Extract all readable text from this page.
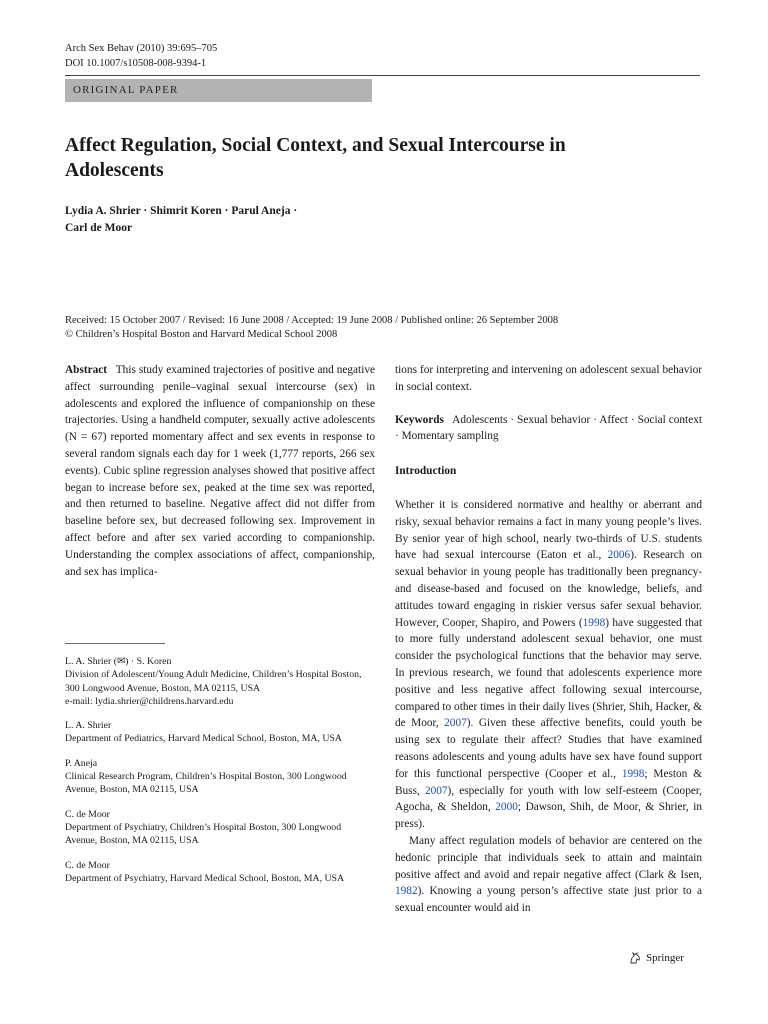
Arch Sex Behav (2010) 39:695–705
DOI 10.1007/s10508-008-9394-1
ORIGINAL PAPER
Affect Regulation, Social Context, and Sexual Intercourse in Adolescents
Lydia A. Shrier · Shimrit Koren · Parul Aneja ·
Carl de Moor
Received: 15 October 2007 / Revised: 16 June 2008 / Accepted: 19 June 2008 / Published online: 26 September 2008
© Children’s Hospital Boston and Harvard Medical School 2008

Abstract This study examined trajectories of positive and negative affect surrounding penile–vaginal sexual intercourse (sex) in adolescents and explored the influence of companionship on these trajectories. Using a handheld computer, sexually active adolescents (N = 67) reported momentary affect and sex events in response to several random signals each day for 1 week (1,777 reports, 266 sex events). Cubic spline regression analyses showed that positive affect began to increase before sex, peaked at the time sex was reported, and then returned to baseline. Negative affect did not differ from baseline before sex, but decreased following sex. Improvement in affect before and after sex varied according to companionship. Understanding the complex associations of affect, companionship, and sex has implica-

L. A. Shrier (✉) · S. Koren
Division of Adolescent/Young Adult Medicine, Children’s Hospital Boston, 300 Longwood Avenue, Boston, MA 02115, USA
e-mail: lydia.shrier@childrens.harvard.edu
L. A. Shrier
Department of Pediatrics, Harvard Medical School, Boston, MA, USA
P. Aneja
Clinical Research Program, Children’s Hospital Boston, 300 Longwood Avenue, Boston, MA 02115, USA
C. de Moor
Department of Psychiatry, Children’s Hospital Boston, 300 Longwood Avenue, Boston, MA 02115, USA
C. de Moor
Department of Psychiatry, Harvard Medical School, Boston, MA, USA

tions for interpreting and intervening on adolescent sexual behavior in social context.

Keywords Adolescents · Sexual behavior · Affect · Social context · Momentary sampling

Introduction

Whether it is considered normative and healthy or aberrant and risky, sexual behavior remains a fact in many young people’s lives. By senior year of high school, nearly two-thirds of U.S. students have had sexual intercourse (Eaton et al., 2006). Research on sexual behavior in young people has traditionally been pregnancy- and disease-based and focused on the knowledge, beliefs, and attitudes toward engaging in riskier versus safer sexual behavior. However, Cooper, Shapiro, and Powers (1998) have suggested that to more fully understand adolescent sexual behavior, one must consider the psychological functions that the behavior may serve. In previous research, we found that adolescents experience more positive and less negative affect following sexual intercourse, compared to other times in their daily lives (Shrier, Shih, Hacker, & de Moor, 2007). Given these affective benefits, could youth be using sex to regulate their affect? Studies that have examined reasons adolescents and young adults have sex have found support for this functional perspective (Cooper et al., 1998; Meston & Buss, 2007), especially for youth with low self-esteem (Cooper, Agocha, & Sheldon, 2000; Dawson, Shih, de Moor, & Shrier, in press).

Many affect regulation models of behavior are centered on the hedonic principle that individuals seek to attain and maintain positive affect and avoid and repair negative affect (Clark & Isen, 1982). Knowing a young person’s affective state just prior to a sexual encounter would aid in

Springer
